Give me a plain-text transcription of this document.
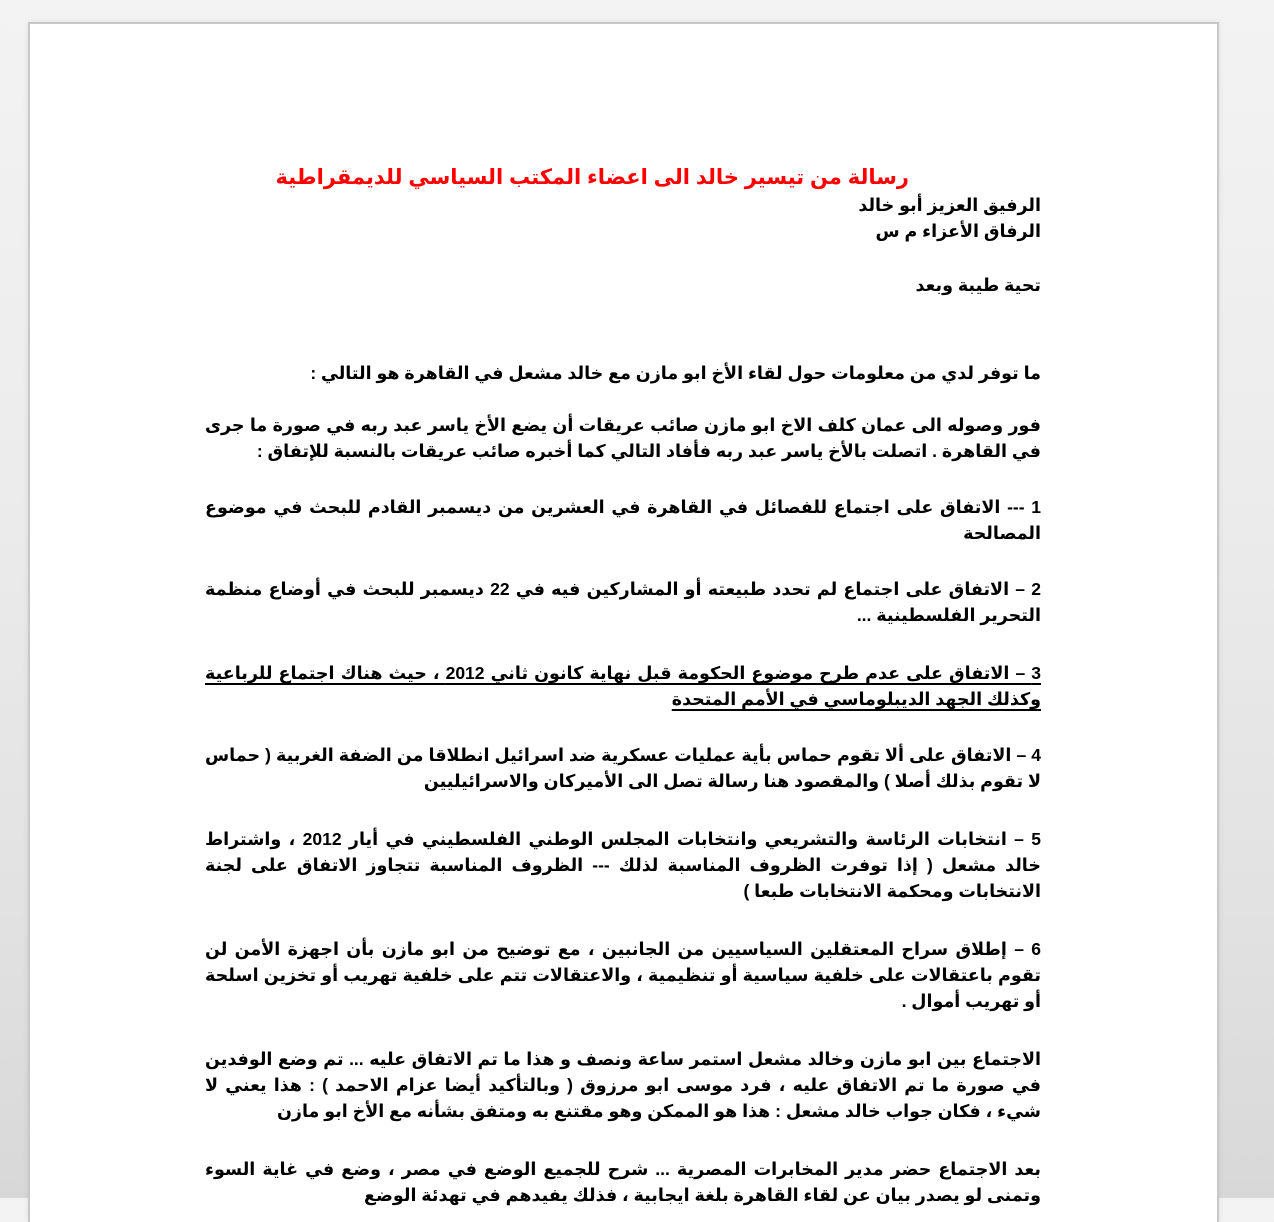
رسالة من تيسير خالد الى اعضاء المكتب السياسي للديمقراطية

الرفيق العزيز أبو خالد

الرفاق الأعزاء م س

تحية طيبة وبعد

ما توفر لدي من معلومات حول لقاء الأخ ابو مازن مع خالد مشعل في القاهرة هو التالي :

فور وصوله الى عمان كلف الاخ ابو مازن صائب عريقات أن يضع الأخ ياسر عبد ربه في صورة ما جرى في القاهرة . اتصلت بالأخ ياسر عبد ربه فأفاد التالي كما أخبره صائب عريقات بالنسبة للإتفاق :

1 --- الاتفاق على اجتماع للفصائل في القاهرة في العشرين من ديسمبر القادم للبحث في موضوع المصالحة

2 – الاتفاق على اجتماع لم تحدد طبيعته أو المشاركين فيه في 22 ديسمبر للبحث في أوضاع منظمة التحرير الفلسطينية ...

3 – الاتفاق على عدم طرح موضوع الحكومة قبل نهاية كانون ثاني 2012 ، حيث هناك اجتماع للرباعية وكذلك الجهد الديبلوماسي في الأمم المتحدة

4 – الاتفاق على ألا تقوم حماس بأية عمليات عسكرية ضد اسرائيل انطلاقا من الضفة الغربية ( حماس لا تقوم بذلك أصلا ) والمقصود هنا رسالة تصل الى الأميركان والاسرائيليين

5 – انتخابات الرئاسة والتشريعي وانتخابات المجلس الوطني الفلسطيني في أيار 2012 ، واشتراط خالد مشعل ( إذا توفرت الظروف المناسبة لذلك --- الظروف المناسبة تتجاوز الاتفاق على لجنة الانتخابات ومحكمة الانتخابات طبعا )

6 – إطلاق سراح المعتقلين السياسيين من الجانبين ، مع توضيح من ابو مازن بأن اجهزة الأمن لن تقوم باعتقالات على خلفية سياسية أو تنظيمية ، والاعتقالات تتم على خلفية تهريب أو تخزين اسلحة أو تهريب أموال .

الاجتماع بين ابو مازن وخالد مشعل استمر ساعة ونصف و هذا ما تم الاتفاق عليه ... تم وضع الوفدين في صورة ما تم الاتفاق عليه ، فرد موسى ابو مرزوق ( وبالتأكيد أيضا عزام الاحمد ) : هذا يعني لا شيء ، فكان جواب خالد مشعل : هذا هو الممكن وهو مقتنع به ومتفق بشأنه مع الأخ ابو مازن

بعد الاجتماع حضر مدير المخابرات المصرية ... شرح للجميع الوضع في مصر ، وضع في غاية السوء وتمنى لو يصدر بيان عن لقاء القاهرة بلغة ايجابية ، فذلك يفيدهم في تهدئة الوضع
